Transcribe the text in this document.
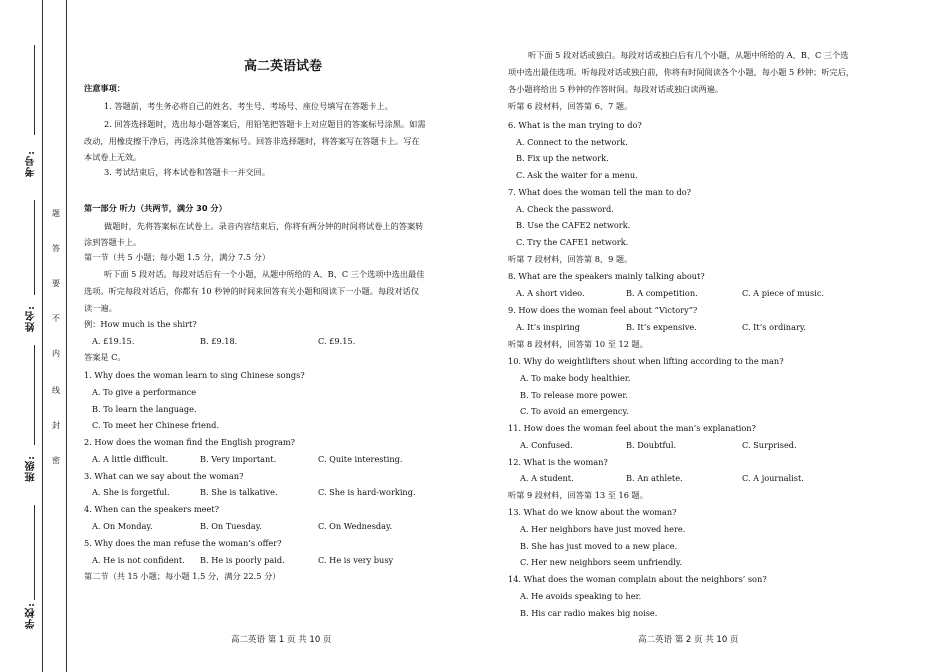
考号:
姓名:
班级:
学校:
题
答
要
不
内
线
封
密
高二英语试卷
注意事项：
1. 答题前，考生务必将自己的姓名、考生号、考场号、座位号填写在答题卡上。
2. 回答选择题时，选出每小题答案后，用铅笔把答题卡上对应题目的答案标号涂黑。如需
改动，用橡皮擦干净后，再选涂其他答案标号。回答非选择题时，将答案写在答题卡上。写在
本试卷上无效。
3. 考试结束后，将本试卷和答题卡一并交回。
第一部分 听力（共两节，满分 30 分）
做题时，先将答案标在试卷上。录音内容结束后，你将有两分钟的时间将试卷上的答案转
涂到答题卡上。
第一节（共 5 小题；每小题 1.5 分，满分 7.5 分）
听下面 5 段对话。每段对话后有一个小题，从题中所给的 A、B、C 三个选项中选出最佳
选项。听完每段对话后，你都有 10 秒钟的时间来回答有关小题和阅读下一小题。每段对话仅
读一遍。
例：How much is the shirt?
A. £19.15.	B. £9.18.	C. £9.15.
答案是 C。
1. Why does the woman learn to sing Chinese songs?
A. To give a performance
B. To learn the language.
C. To meet her Chinese friend.
2. How does the woman find the English program?
A. A little difficult.	B. Very important.	C. Quite interesting.
3. What can we say about the woman?
A. She is forgetful.	B. She is talkative.	C. She is hard-working.
4. When can the speakers meet?
A. On Monday.	B. On Tuesday.	C. On Wednesday.
5. Why does the man refuse the woman’s offer?
A. He is not confident. B. He is poorly paid.	C. He is very busy
第二节（共 15 小题；每小题 1.5 分，满分 22.5 分）
听下面 5 段对话或独白。每段对话或独白后有几个小题，从题中所给的 A、B、C 三个选
项中选出最佳选项。听每段对话或独白前，你将有时间阅读各个小题，每小题 5 秒钟；听完后，
各小题将给出 5 秒钟的作答时间。每段对话或独白读两遍。
听第 6 段材料，回答第 6、7 题。
6. What is the man trying to do?
A. Connect to the network.
B. Fix up the network.
C. Ask the waiter for a menu.
7. What does the woman tell the man to do?
A. Check the password.
B. Use the CAFE2 network.
C. Try the CAFE1 network.
听第 7 段材料，回答第 8、9 题。
8. What are the speakers mainly talking about?
A. A short video.	B. A competition.	C. A piece of music.
9. How does the woman feel about “Victory”?
A. It’s inspiring	B. It’s expensive.	C. It’s ordinary.
听第 8 段材料，回答第 10 至 12 题。
10. Why do weightlifters shout when lifting according to the man?
A. To make body healthier.
B. To release more power.
C. To avoid an emergency.
11. How does the woman feel about the man’s explanation?
A. Confused.	B. Doubtful.	C. Surprised.
12. What is the woman?
A. A student.	B. An athlete.	C. A journalist.
听第 9 段材料，回答第 13 至 16 题。
13. What do we know about the woman?
A. Her neighbors have just moved here.
B. She has just moved to a new place.
C. Her new neighbors seem unfriendly.
14. What does the woman complain about the neighbors’ son?
A. He avoids speaking to her.
B. His car radio makes big noise.
高二英语 第 1 页 共 10 页	高二英语 第 2 页 共 10 页
